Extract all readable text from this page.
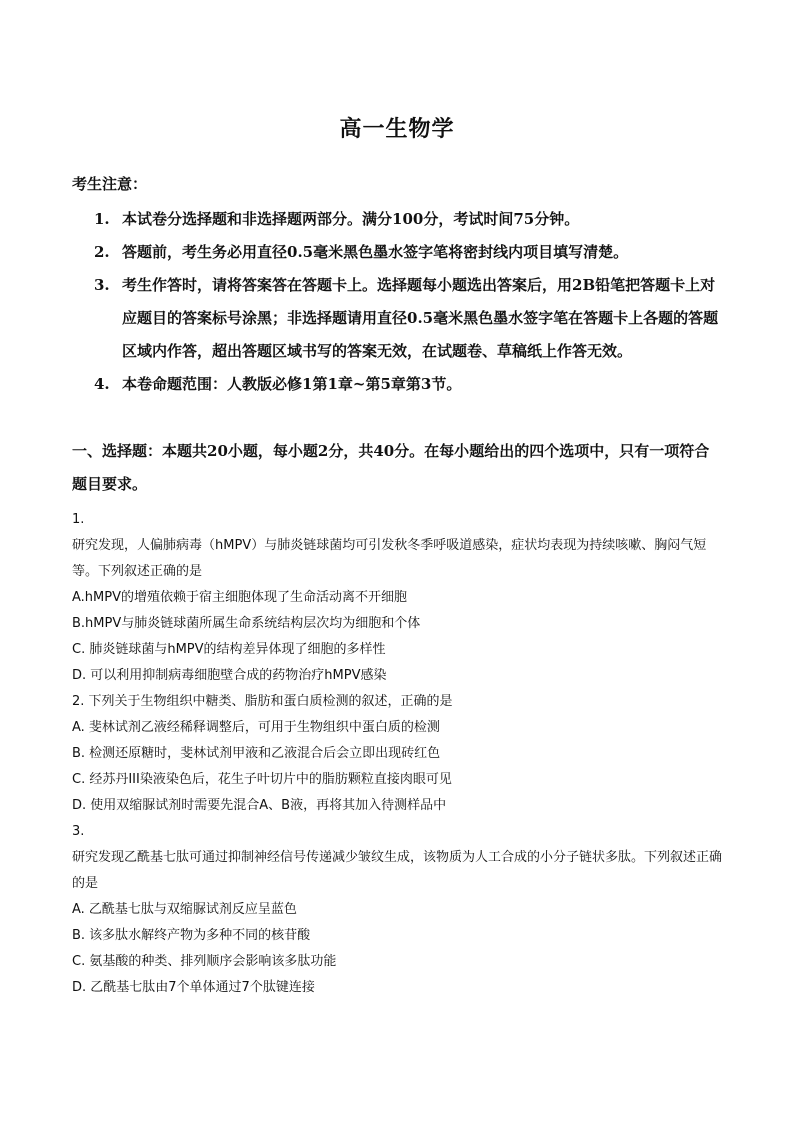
高一生物学
考生注意：
1. 本试卷分选择题和非选择题两部分。满分100分，考试时间75分钟。
2. 答题前，考生务必用直径0.5毫米黑色墨水签字笔将密封线内项目填写清楚。
3. 考生作答时，请将答案答在答题卡上。选择题每小题选出答案后，用2B铅笔把答题卡上对应题目的答案标号涂黑；非选择题请用直径0.5毫米黑色墨水签字笔在答题卡上各题的答题区域内作答，超出答题区域书写的答案无效，在试题卷、草稿纸上作答无效。
4. 本卷命题范围：人教版必修1第1章~第5章第3节。
一、选择题：本题共20小题，每小题2分，共40分。在每小题给出的四个选项中，只有一项符合题目要求。

1.

研究发现，人偏肺病毒（hMPV）与肺炎链球菌均可引发秋冬季呼吸道感染，症状均表现为持续咳嗽、胸闷气短等。下列叙述正确的是

A.hMPV的增殖依赖于宿主细胞体现了生命活动离不开细胞

B.hMPV与肺炎链球菌所属生命系统结构层次均为细胞和个体

C. 肺炎链球菌与hMPV的结构差异体现了细胞的多样性

D. 可以利用抑制病毒细胞壁合成的药物治疗hMPV感染

2. 下列关于生物组织中糖类、脂肪和蛋白质检测的叙述，正确的是

A. 斐林试剂乙液经稀释调整后，可用于生物组织中蛋白质的检测

B. 检测还原糖时，斐林试剂甲液和乙液混合后会立即出现砖红色

C. 经苏丹III染液染色后，花生子叶切片中的脂肪颗粒直接肉眼可见

D. 使用双缩脲试剂时需要先混合A、B液，再将其加入待测样品中

3.

研究发现乙酰基七肽可通过抑制神经信号传递减少皱纹生成，该物质为人工合成的小分子链状多肽。下列叙述正确的是

A. 乙酰基七肽与双缩脲试剂反应呈蓝色

B. 该多肽水解终产物为多种不同的核苷酸

C. 氨基酸的种类、排列顺序会影响该多肽功能

D. 乙酰基七肽由7个单体通过7个肽键连接
